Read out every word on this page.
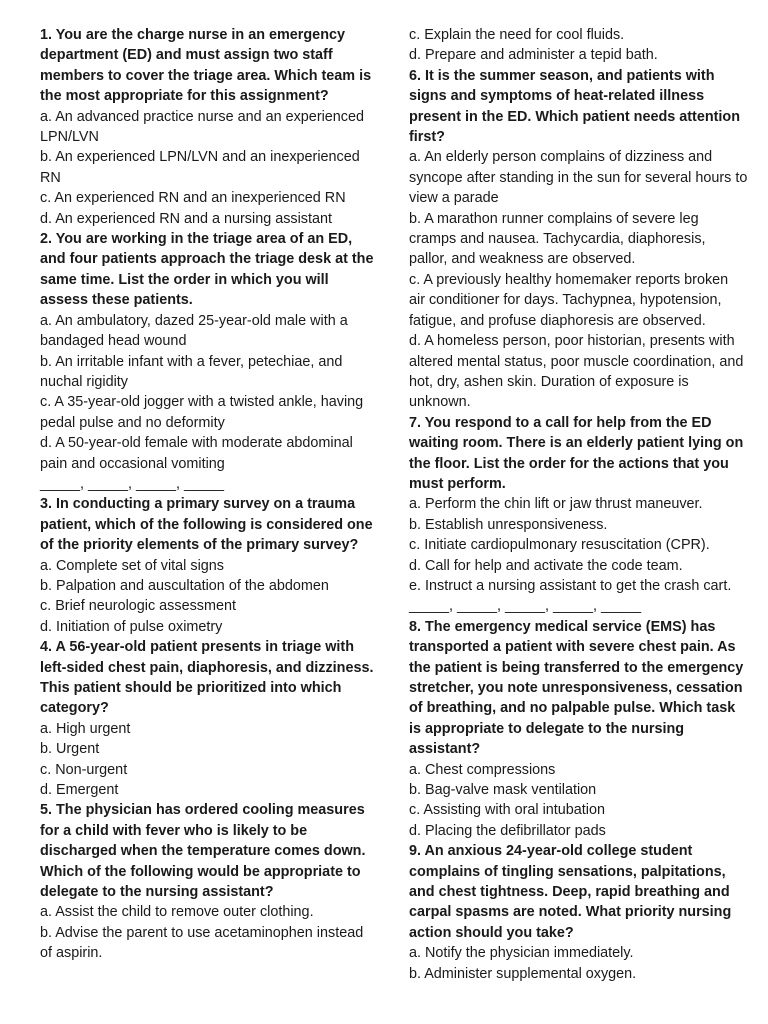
1. You are the charge nurse in an emergency

department (ED) and must assign two staff

members to cover the triage area. Which team is

the most appropriate for this assignment?

a. An advanced practice nurse and an experienced

LPN/LVN

b. An experienced LPN/LVN and an inexperienced

RN

c. An experienced RN and an inexperienced RN

d. An experienced RN and a nursing assistant

2. You are working in the triage area of an ED,

and four patients approach the triage desk at the

same time. List the order in which you will

assess these patients.

a. An ambulatory, dazed 25-year-old male with a

bandaged head wound

b. An irritable infant with a fever, petechiae, and

nuchal rigidity

c. A 35-year-old jogger with a twisted ankle, having

pedal pulse and no deformity

d. A 50-year-old female with moderate abdominal

pain and occasional vomiting

_____, _____, _____, _____

3. In conducting a primary survey on a trauma

patient, which of the following is considered one

of the priority elements of the primary survey?

a. Complete set of vital signs

b. Palpation and auscultation of the abdomen

c. Brief neurologic assessment

d. Initiation of pulse oximetry

4. A 56-year-old patient presents in triage with

left-sided chest pain, diaphoresis, and dizziness.

This patient should be prioritized into which

category?

a. High urgent

b. Urgent

c. Non-urgent

d. Emergent

5. The physician has ordered cooling measures

for a child with fever who is likely to be

discharged when the temperature comes down.

Which of the following would be appropriate to

delegate to the nursing assistant?

a. Assist the child to remove outer clothing.

b. Advise the parent to use acetaminophen instead

of aspirin.

c. Explain the need for cool fluids.

d. Prepare and administer a tepid bath.

6. It is the summer season, and patients with

signs and symptoms of heat-related illness

present in the ED. Which patient needs attention

first?

a. An elderly person complains of dizziness and

syncope after standing in the sun for several hours to

view a parade

b. A marathon runner complains of severe leg

cramps and nausea. Tachycardia, diaphoresis,

pallor, and weakness are observed.

c. A previously healthy homemaker reports broken

air conditioner for days. Tachypnea, hypotension,

fatigue, and profuse diaphoresis are observed.

d. A homeless person, poor historian, presents with

altered mental status, poor muscle coordination, and

hot, dry, ashen skin. Duration of exposure is

unknown.

7. You respond to a call for help from the ED

waiting room. There is an elderly patient lying on

the floor. List the order for the actions that you

must perform.

a. Perform the chin lift or jaw thrust maneuver.

b. Establish unresponsiveness.

c. Initiate cardiopulmonary resuscitation (CPR).

d. Call for help and activate the code team.

e. Instruct a nursing assistant to get the crash cart.

_____, _____, _____, _____, _____

8. The emergency medical service (EMS) has

transported a patient with severe chest pain. As

the patient is being transferred to the emergency

stretcher, you note unresponsiveness, cessation

of breathing, and no palpable pulse. Which task

is appropriate to delegate to the nursing

assistant?

a. Chest compressions

b. Bag-valve mask ventilation

c. Assisting with oral intubation

d. Placing the defibrillator pads

9. An anxious 24-year-old college student

complains of tingling sensations, palpitations,

and chest tightness. Deep, rapid breathing and

carpal spasms are noted. What priority nursing

action should you take?

a. Notify the physician immediately.

b. Administer supplemental oxygen.
